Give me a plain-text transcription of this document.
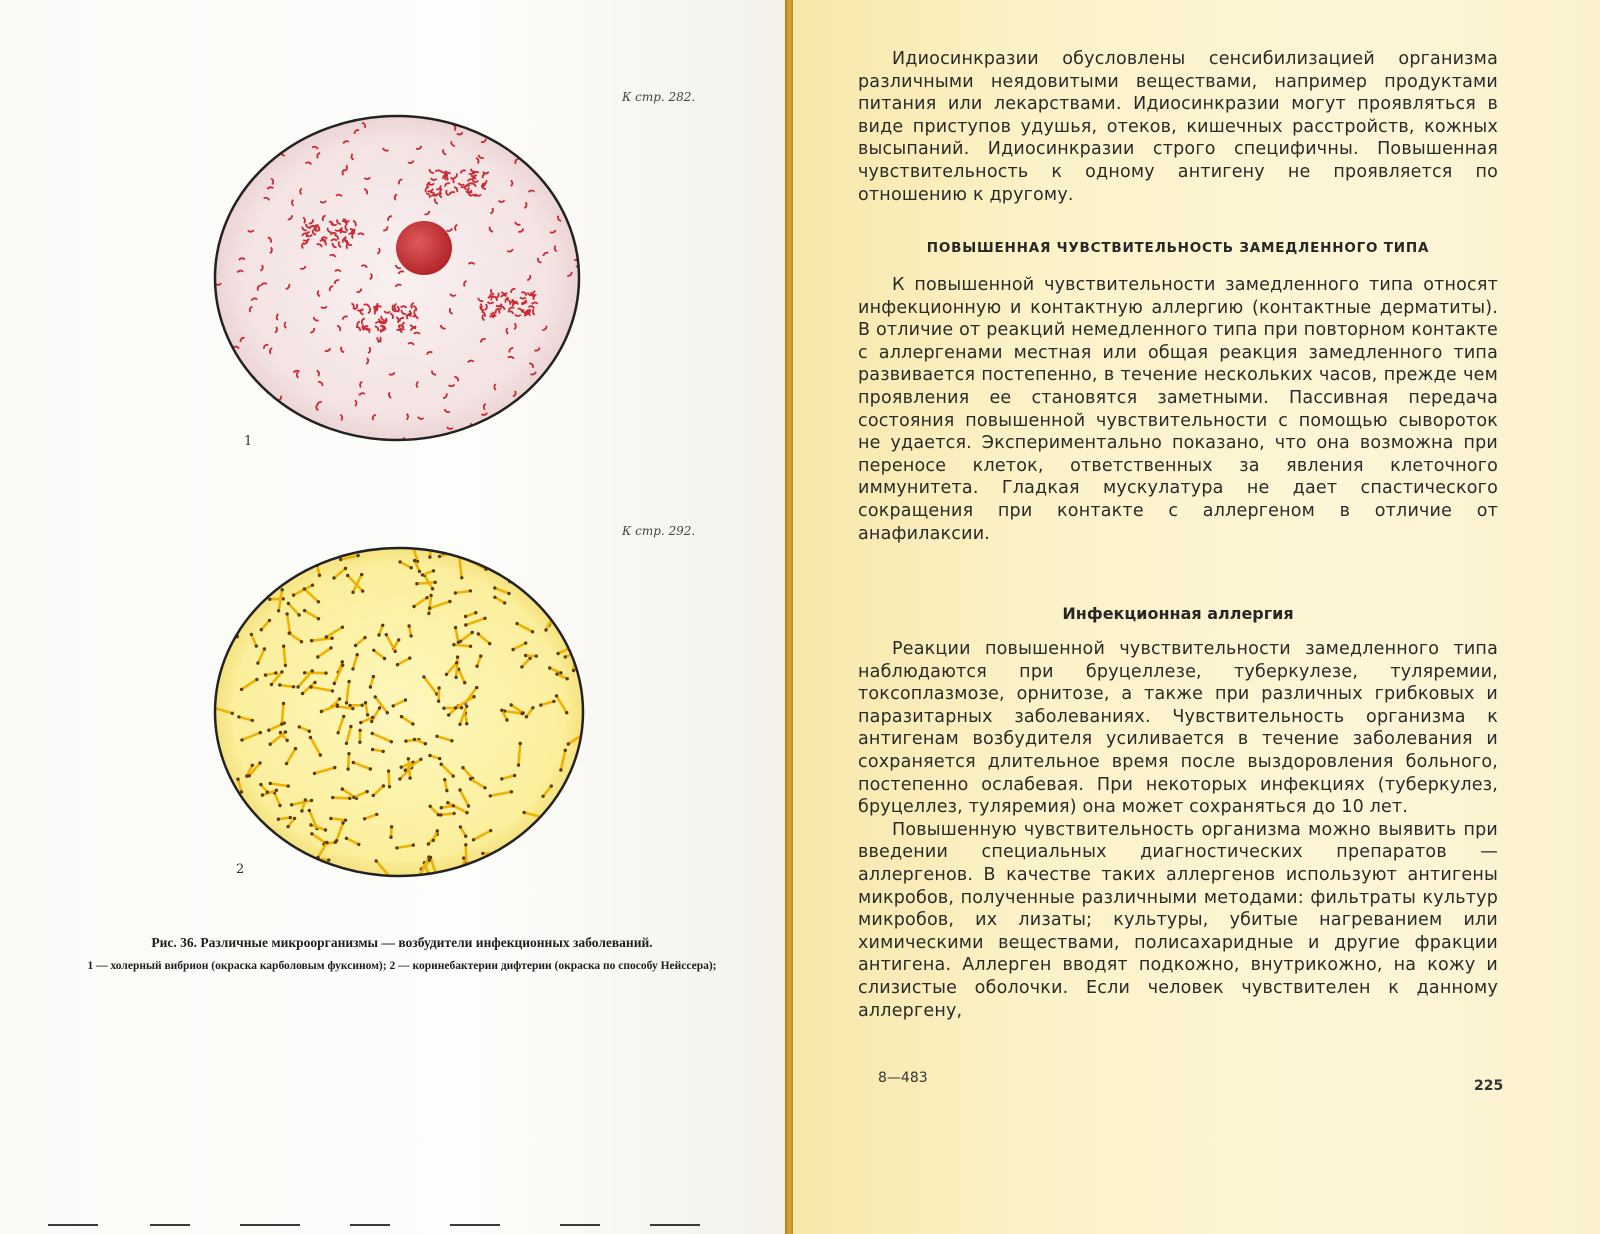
К стр. 282.
1
К стр. 292.
2
Рис. 36. Различные микроорганизмы — возбудители инфекционных заболеваний.
1 — холерный вибрион (окраска карболовым фуксином); 2 — коринебактерии дифтерии (окраска по способу Нейссера);

Идиосинкразии обусловлены сенсибилизацией организма различными неядовитыми веществами, например продуктами питания или лекарствами. Идиосинкразии могут проявляться в виде приступов удушья, отеков, кишечных расстройств, кожных высыпаний. Идиосинкразии строго специфичны. Повышенная чувствительность к одному антигену не проявляется по отношению к другому.

ПОВЫШЕННАЯ ЧУВСТВИТЕЛЬНОСТЬ ЗАМЕДЛЕННОГО ТИПА

К повышенной чувствительности замедленного типа относят инфекционную и контактную аллергию (контактные дерматиты). В отличие от реакций немедленного типа при повторном контакте с аллергенами местная или общая реакция замедленного типа развивается постепенно, в течение нескольких часов, прежде чем проявления ее становятся заметными. Пассивная передача состояния повышенной чувствительности с помощью сывороток не удается. Экспериментально показано, что она возможна при переносе клеток, ответственных за явления клеточного иммунитета. Гладкая мускулатура не дает спастического сокращения при контакте с аллергеном в отличие от анафилаксии.

Инфекционная аллергия

Реакции повышенной чувствительности замедленного типа наблюдаются при бруцеллезе, туберкулезе, туляремии, токсоплазмозе, орнитозе, а также при различных грибковых и паразитарных заболеваниях. Чувствительность организма к антигенам возбудителя усиливается в течение заболевания и сохраняется длительное время после выздоровления больного, постепенно ослабевая. При некоторых инфекциях (туберкулез, бруцеллез, туляремия) она может сохраняться до 10 лет.

Повышенную чувствительность организма можно выявить при введении специальных диагностических препаратов — аллергенов. В качестве таких аллергенов используют антигены микробов, полученные различными методами: фильтраты культур микробов, их лизаты; культуры, убитые нагреванием или химическими веществами, полисахаридные и другие фракции антигена. Аллерген вводят подкожно, внутрикожно, на кожу и слизистые оболочки. Если человек чувствителен к данному аллергену,

8—483	225
